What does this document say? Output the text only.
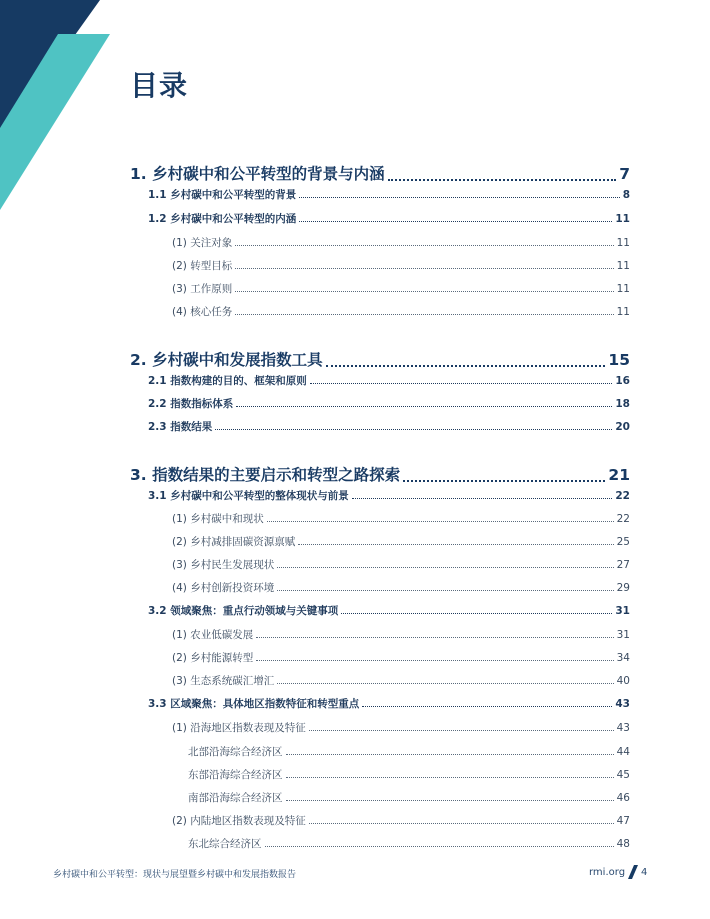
目录
1. 乡村碳中和公平转型的背景与内涵	7
1.1 乡村碳中和公平转型的背景	8
1.2 乡村碳中和公平转型的内涵	11
(1) 关注对象	11
(2) 转型目标	11
(3) 工作原则	11
(4) 核心任务	11
2. 乡村碳中和发展指数工具	15
2.1 指数构建的目的、框架和原则	16
2.2 指数指标体系	18
2.3 指数结果	20
3. 指数结果的主要启示和转型之路探索	21
3.1 乡村碳中和公平转型的整体现状与前景	22
(1) 乡村碳中和现状	22
(2) 乡村减排固碳资源禀赋	25
(3) 乡村民生发展现状	27
(4) 乡村创新投资环境	29
3.2 领域聚焦：重点行动领域与关键事项	31
(1) 农业低碳发展	31
(2) 乡村能源转型	34
(3) 生态系统碳汇增汇	40
3.3 区域聚焦：具体地区指数特征和转型重点	43
(1) 沿海地区指数表现及特征	43
北部沿海综合经济区	44
东部沿海综合经济区	45
南部沿海综合经济区	46
(2) 内陆地区指数表现及特征	47
东北综合经济区	48
乡村碳中和公平转型：现状与展望暨乡村碳中和发展指数报告	rmi.org 4
